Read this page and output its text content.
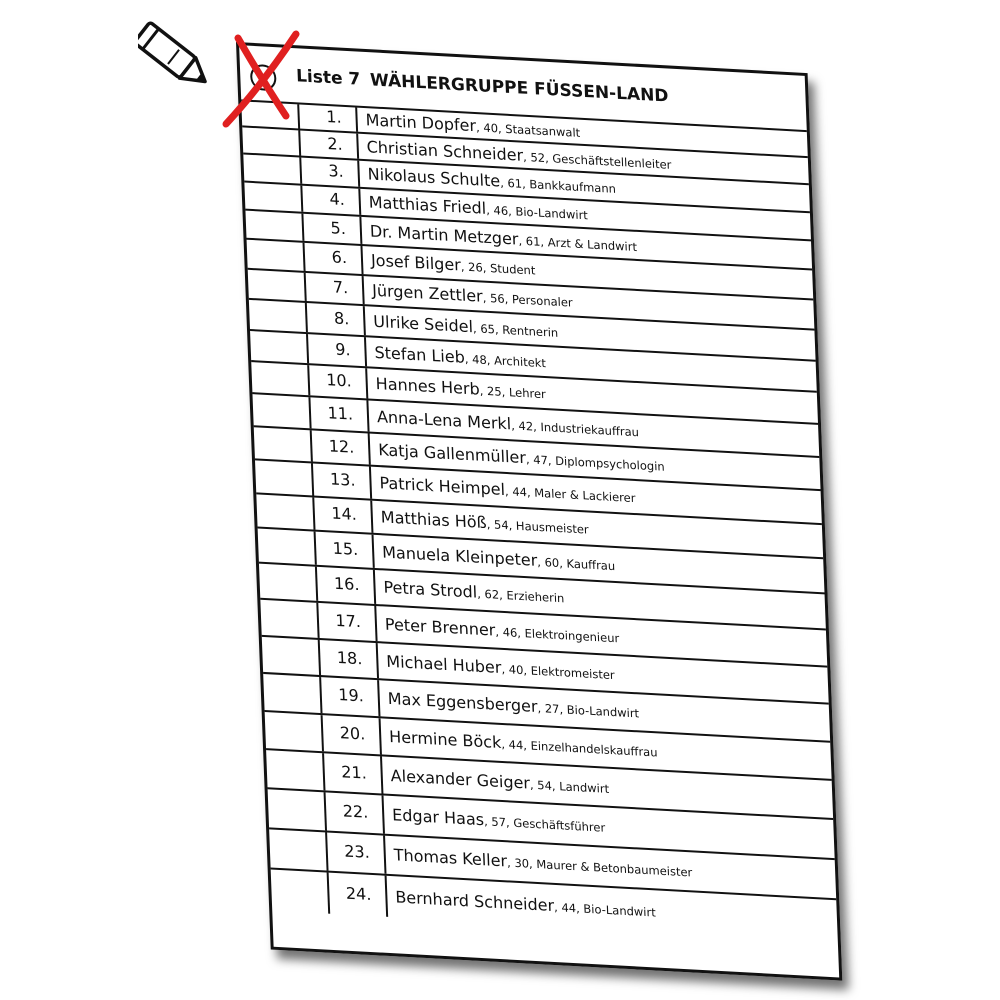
Liste 7 WÄHLERGRUPPE FÜSSEN-LAND
1. Martin Dopfer, 40, Staatsanwalt
2. Christian Schneider, 52, Geschäftstellenleiter
3. Nikolaus Schulte, 61, Bankkaufmann
4. Matthias Friedl, 46, Bio-Landwirt
5. Dr. Martin Metzger, 61, Arzt & Landwirt
6. Josef Bilger, 26, Student
7. Jürgen Zettler, 56, Personaler
8. Ulrike Seidel, 65, Rentnerin
9. Stefan Lieb, 48, Architekt
10. Hannes Herb, 25, Lehrer
11. Anna-Lena Merkl, 42, Industriekauffrau
12. Katja Gallenmüller, 47, Diplompsychologin
13. Patrick Heimpel, 44, Maler & Lackierer
14. Matthias Höß, 54, Hausmeister
15. Manuela Kleinpeter, 60, Kauffrau
16. Petra Strodl, 62, Erzieherin
17. Peter Brenner, 46, Elektroingenieur
18. Michael Huber, 40, Elektromeister
19. Max Eggensberger, 27, Bio-Landwirt
20. Hermine Böck, 44, Einzelhandelskauffrau
21. Alexander Geiger, 54, Landwirt
22. Edgar Haas, 57, Geschäftsführer
23. Thomas Keller, 30, Maurer & Betonbaumeister
24. Bernhard Schneider, 44, Bio-Landwirt
